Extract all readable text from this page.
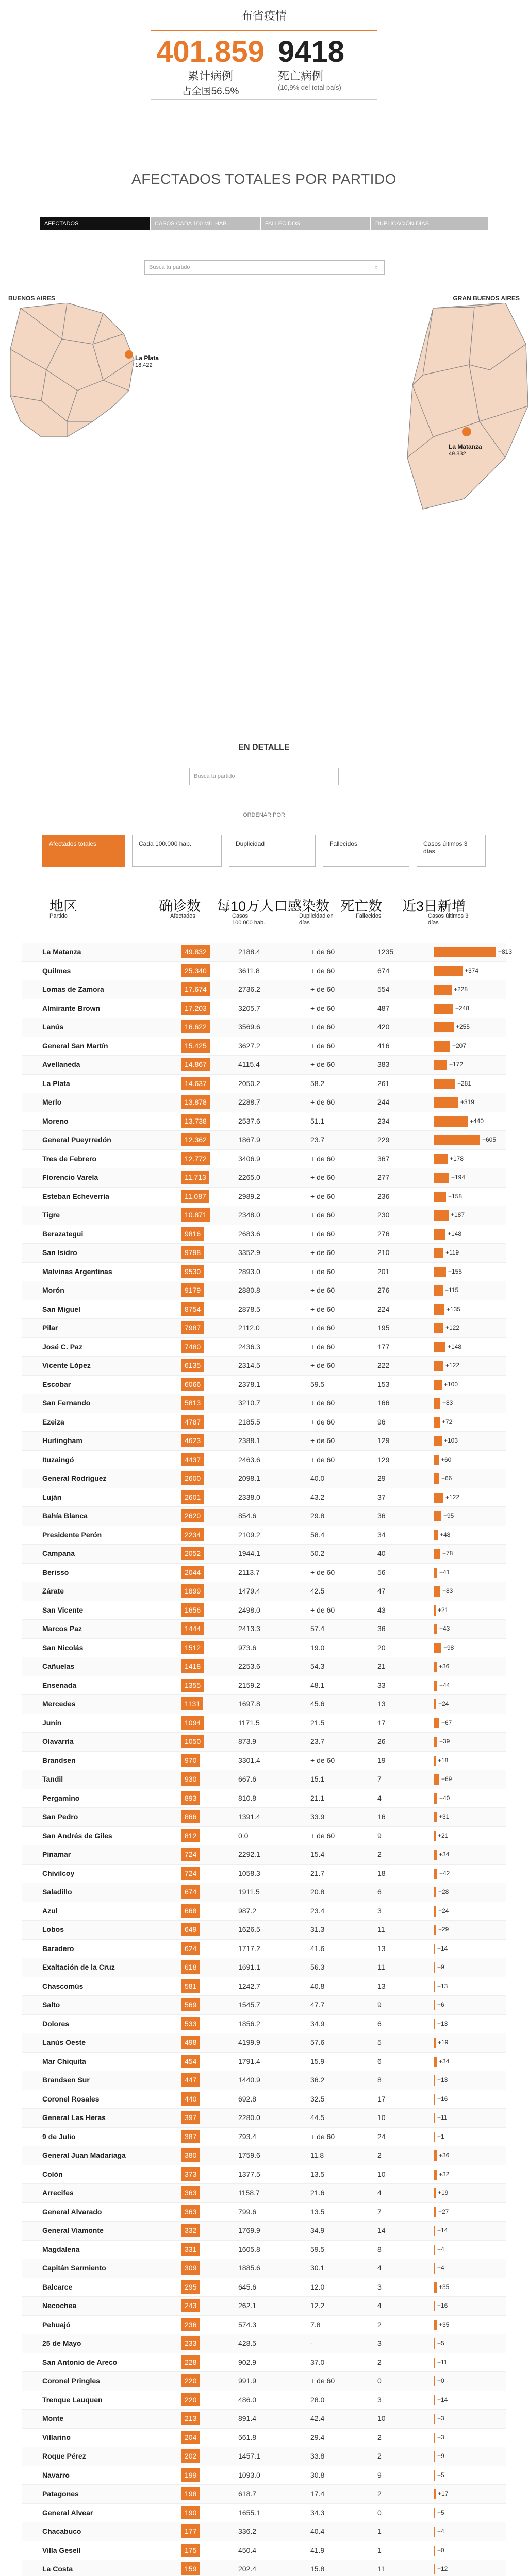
布省疫情
401.859
累计病例
占全国56.5%
9418
死亡病例
(10,9% del total país)
AFECTADOS TOTALES POR PARTIDO
AFECTADOS	CASOS CADA 100 MIL HAB.	FALLECIDOS	DUPLICACIÓN DÍAS
Buscá tu partido	⌕
BUENOS AIRES	GRAN BUENOS AIRES
La Plata
18.422
La Matanza
49.832
EN DETALLE
Buscá tu partido
ORDENAR POR
Afectados totales	Cada 100.000 hab.	Duplicidad	Fallecidos	Casos últimos 3 días
地区	确诊数 每10万人口感染数 死亡数 近3日新增
Partido	Afectados	Casos 100.000 hab.
Duplicidad en días
Fallecidos	Casos últimos 3 días
La Matanza	49.832	2188.4	+ de 60	1235	+813
Quilmes	25.340	3611.8	+ de 60	674	+374
Lomas de Zamora	17.674	2736.2	+ de 60	554	+228
Almirante Brown	17.203	3205.7	+ de 60	487	+248
Lanús	16.622	3569.6	+ de 60	420	+255
General San Martín	15.425	3627.2	+ de 60	416	+207
Avellaneda	14.867	4115.4	+ de 60	383	+172
La Plata	14.637	2050.2	58.2	261	+281
Merlo	13.878	2288.7	+ de 60	244	+319
Moreno	13.738	2537.6	51.1	234	+440
General Pueyrredón	12.362	1867.9	23.7	229	+605
Tres de Febrero	12.772	3406.9	+ de 60	367	+178
Florencio Varela	11.713	2265.0	+ de 60	277	+194
Esteban Echeverría	11.087	2989.2	+ de 60	236	+158
Tigre	10.871	2348.0	+ de 60	230	+187
Berazategui	9816	2683.6	+ de 60	276	+148
San Isidro	9798	3352.9	+ de 60	210	+119
Malvinas Argentinas	9530	2893.0	+ de 60	201	+155
Morón	9179	2880.8	+ de 60	276	+115
San Miguel	8754	2878.5	+ de 60	224	+135
Pilar	7987	2112.0	+ de 60	195	+122
José C. Paz	7480	2436.3	+ de 60	177	+148
Vicente López	6135	2314.5	+ de 60	222	+122
Escobar	6066	2378.1	59.5	153	+100
San Fernando	5813	3210.7	+ de 60	166	+83
Ezeiza	4787	2185.5	+ de 60	96	+72
Hurlingham	4623	2388.1	+ de 60	129	+103
Ituzaingó	4437	2463.6	+ de 60	129	+60
General Rodríguez	2600	2098.1	40.0	29	+66
Luján	2601	2338.0	43.2	37	+122
Bahía Blanca	2620	854.6	29.8	36	+95
Presidente Perón	2234	2109.2	58.4	34	+48
Campana	2052	1944.1	50.2	40	+78
Berisso	2044	2113.7	+ de 60	56	+41
Zárate	1899	1479.4	42.5	47	+83
San Vicente	1656	2498.0	+ de 60	43	+21
Marcos Paz	1444	2413.3	57.4	36	+43
San Nicolás	1512	973.6	19.0	20	+98
Cañuelas	1418	2253.6	54.3	21	+36
Ensenada	1355	2159.2	48.1	33	+44
Mercedes	1131	1697.8	45.6	13	+24
Junín	1094	1171.5	21.5	17	+67
Olavarría	1050	873.9	23.7	26	+39
Brandsen	970	3301.4	+ de 60	19	+18
Tandil	930	667.6	15.1	7	+69
Pergamino	893	810.8	21.1	4	+40
San Pedro	866	1391.4	33.9	16	+31
San Andrés de Giles	812	0.0	+ de 60	9	+21
Pinamar	724	2292.1	15.4	2	+34
Chivilcoy	724	1058.3	21.7	18	+42
Saladillo	674	1911.5	20.8	6	+28
Azul	668	987.2	23.4	3	+24
Lobos	649	1626.5	31.3	11	+29
Baradero	624	1717.2	41.6	13	+14
Exaltación de la Cruz	618	1691.1	56.3	11	+9
Chascomús	581	1242.7	40.8	13	+13
Salto	569	1545.7	47.7	9	+6
Dolores	533	1856.2	34.9	6	+13
Lanús Oeste	498	4199.9	57.6	5	+19
Mar Chiquita	454	1791.4	15.9	6	+34
Brandsen Sur	447	1440.9	36.2	8	+13
Coronel Rosales	440	692.8	32.5	17	+16
General Las Heras	397	2280.0	44.5	10	+11
9 de Julio	387	793.4	+ de 60	24	+1
General Juan Madariaga	380	1759.6	11.8	2	+36
Colón	373	1377.5	13.5	10	+32
Arrecifes	363	1158.7	21.6	4	+19
General Alvarado	363	799.6	13.5	7	+27
General Viamonte	332	1769.9	34.9	14	+14
Magdalena	331	1605.8	59.5	8	+4
Capitán Sarmiento	309	1885.6	30.1	4	+4
Balcarce	295	645.6	12.0	3	+35
Necochea	243	262.1	12.2	4	+16
Pehuajó	236	574.3	7.8	2	+35
25 de Mayo	233	428.5	-	3	+5
San Antonio de Areco	228	902.9	37.0	2	+11
Coronel Pringles	220	991.9	+ de 60	0	+0
Trenque Lauquen	220	486.0	28.0	3	+14
Monte	213	891.4	42.4	10	+3
Villarino	204	561.8	29.4	2	+3
Roque Pérez	202	1457.1	33.8	2	+9
Navarro	199	1093.0	30.8	9	+5
Patagones	198	618.7	17.4	2	+17
General Alvear	190	1655.1	34.3	0	+5
Chacabuco	177	336.2	40.4	1	+4
Villa Gesell	175	450.4	41.9	1	+0
La Costa	159	202.4	15.8	11	+12
